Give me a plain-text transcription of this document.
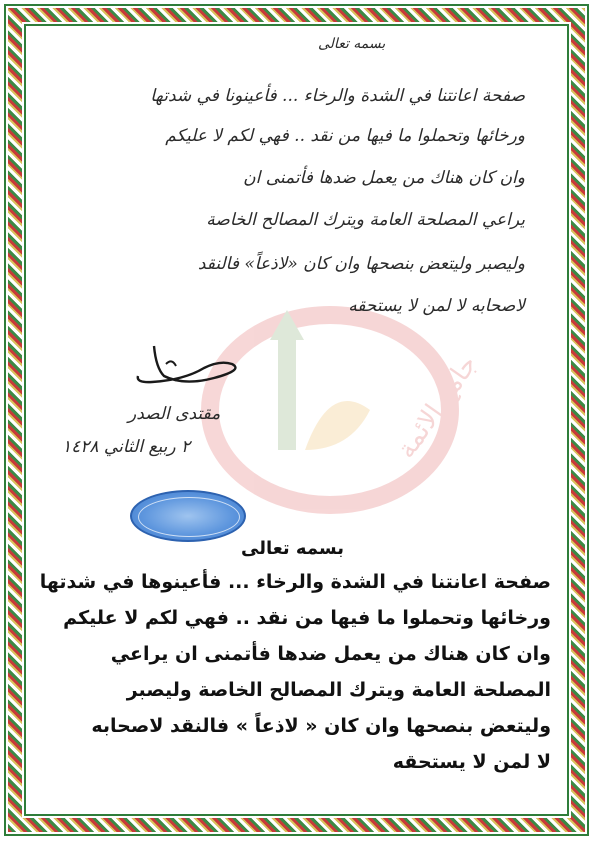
جامع الائمة
بسمه تعالى
صفحة اعانتنا في الشدة والرخاء ... فأعينونا في شدتها
ورخائها وتحملوا ما فيها من نقد .. فهي لكم لا عليكم
وان كان هناك من يعمل ضدها فأتمنى ان
يراعي المصلحة العامة ويترك المصالح الخاصة
وليصبر وليتعض بنصحها وان كان «لاذعاً» فالنقد
لاصحابه لا لمن لا يستحقه
مقتدى الصدر
٢ ربيع الثاني ١٤٢٨
بسمه تعالى
صفحة اعانتنا في الشدة والرخاء ... فأعينوها في شدتها
ورخائها وتحملوا ما فيها من نقد .. فهي لكم لا عليكم
وان كان هناك من يعمل ضدها فأتمنى ان يراعي
المصلحة العامة ويترك المصالح الخاصة وليصبر
وليتعض بنصحها وان كان « لاذعاً » فالنقد لاصحابه
لا لمن لا يستحقه
